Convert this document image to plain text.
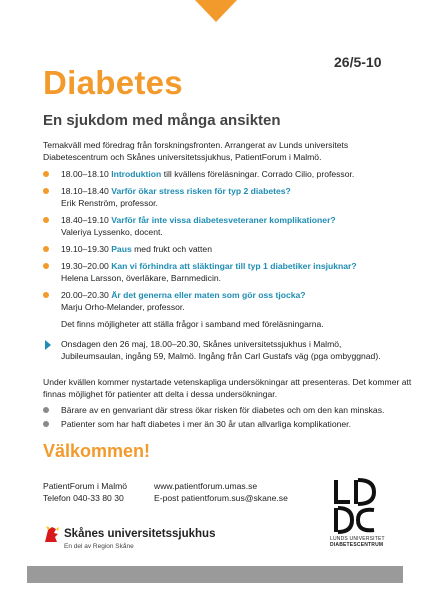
Diabetes
26/5-10
En sjukdom med många ansikten
Temakväll med föredrag från forskningsfronten. Arrangerat av Lunds universitets Diabetescentrum och Skånes universitetssjukhus, PatientForum i Malmö.
18.00–18.10 Introduktion till kvällens föreläsningar. Corrado Cilio, professor.
18.10–18.40 Varför ökar stress risken för typ 2 diabetes?
Erik Renström, professor.
18.40–19.10 Varför får inte vissa diabetesveteraner komplikationer?
Valeriya Lyssenko, docent.
19.10–19.30 Paus med frukt och vatten
19.30–20.00 Kan vi förhindra att släktingar till typ 1 diabetiker insjuknar?
Helena Larsson, överläkare, Barnmedicin.
20.00–20.30 Är det generna eller maten som gör oss tjocka?
Marju Orho-Melander, professor.
Det finns möjligheter att ställa frågor i samband med föreläsningarna.
Onsdagen den 26 maj, 18.00–20.30, Skånes universitetssjukhus i Malmö, Jubileumsaulan, ingång 59, Malmö. Ingång från Carl Gustafs väg (pga ombyggnad).
Under kvällen kommer nystartade vetenskapliga undersökningar att presenteras. Det kommer att finnas möjlighet för patienter att delta i dessa undersökningar.
Bärare av en genvariant där stress ökar risken för diabetes och om den kan minskas.
Patienter som har haft diabetes i mer än 30 år utan allvarliga komplikationer.
Välkommen!
PatientForum i Malmö	www.patientforum.umas.se
Telefon 040-33 80 30	E-post patientforum.sus@skane.se
Skånes universitetssjukhus
En del av Region Skåne
LUNDS UNIVERSITET
DIABETESCENTRUM
